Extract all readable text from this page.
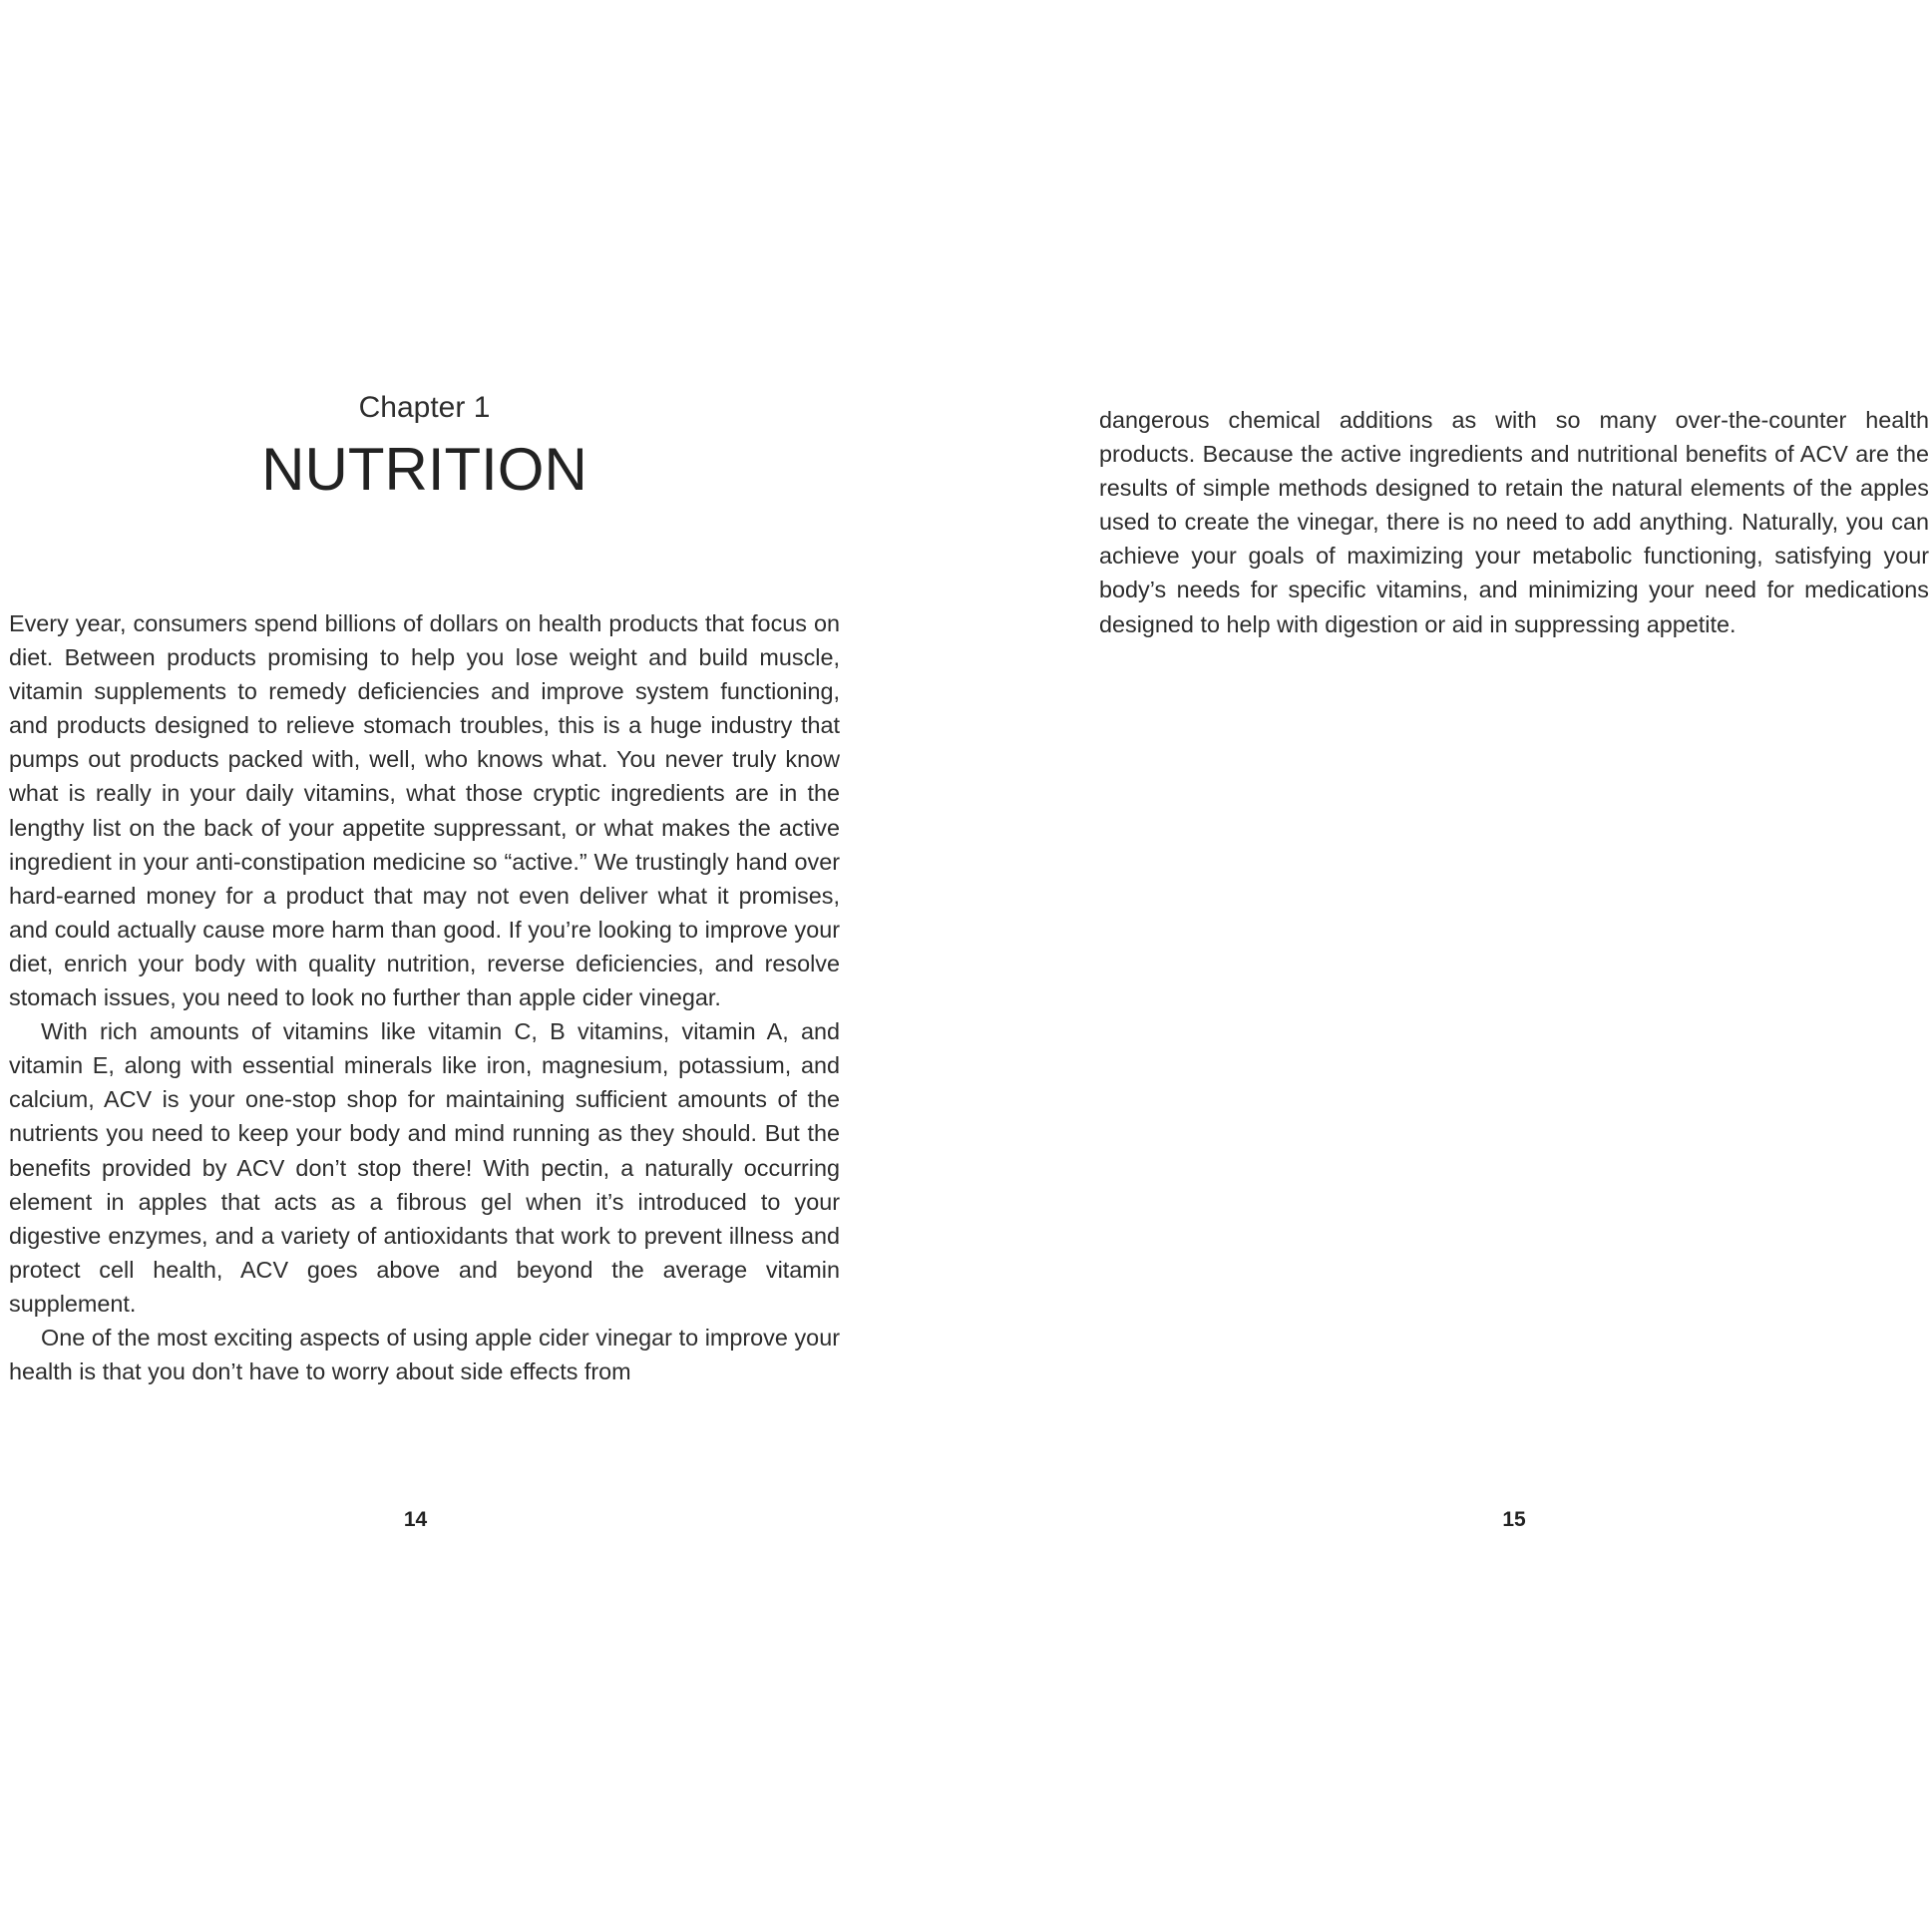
Chapter 1
NUTRITION

Every year, consumers spend billions of dollars on health products that focus on diet. Between products promising to help you lose weight and build muscle, vitamin supplements to remedy deficiencies and improve system functioning, and products designed to relieve stomach troubles, this is a huge industry that pumps out products packed with, well, who knows what. You never truly know what is really in your daily vitamins, what those cryptic ingredients are in the lengthy list on the back of your appetite suppressant, or what makes the active ingredient in your anti-constipation medicine so “active.” We trustingly hand over hard-earned money for a product that may not even deliver what it promises, and could actually cause more harm than good. If you’re looking to improve your diet, enrich your body with quality nutrition, reverse deficiencies, and resolve stomach issues, you need to look no further than apple cider vinegar.

With rich amounts of vitamins like vitamin C, B vitamins, vitamin A, and vitamin E, along with essential minerals like iron, magnesium, potassium, and calcium, ACV is your one-stop shop for maintaining sufficient amounts of the nutrients you need to keep your body and mind running as they should. But the benefits provided by ACV don’t stop there! With pectin, a naturally occurring element in apples that acts as a fibrous gel when it’s introduced to your digestive enzymes, and a variety of antioxidants that work to prevent illness and protect cell health, ACV goes above and beyond the average vitamin supplement.

One of the most exciting aspects of using apple cider vinegar to improve your health is that you don’t have to worry about side effects from

dangerous chemical additions as with so many over-the-counter health products. Because the active ingredients and nutritional benefits of ACV are the results of simple methods designed to retain the natural elements of the apples used to create the vinegar, there is no need to add anything. Naturally, you can achieve your goals of maximizing your metabolic functioning, satisfying your body’s needs for specific vitamins, and minimizing your need for medications designed to help with digestion or aid in suppressing appetite.

14	15
